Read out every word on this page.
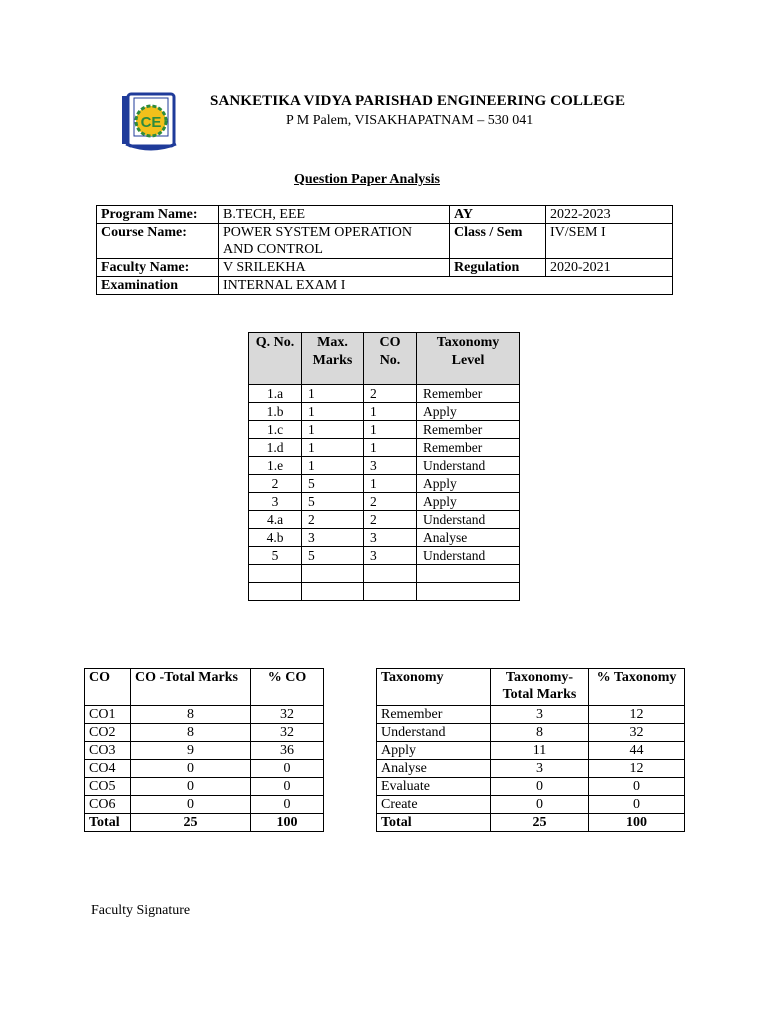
CE
SANKETIKA VIDYA PARISHAD ENGINEERING COLLEGE
P M Palem, VISAKHAPATNAM – 530 041
Question Paper Analysis
Program Name:	B.TECH, EEE	AY	2022-2023
Course Name:	POWER SYSTEM OPERATION AND CONTROL	Class / Sem	IV/SEM I
Faculty Name:	V SRILEKHA	Regulation	2020-2021
Examination	INTERNAL EXAM I		
Q. No.	Max. Marks	CO No.	Taxonomy Level
1.a	1	2	Remember
1.b	1	1	Apply
1.c	1	1	Remember
1.d	1	1	Remember
1.e	1	3	Understand
2	5	1	Apply
3	5	2	Apply
4.a	2	2	Understand
4.b	3	3	Analyse
5	5	3	Understand

CO	CO -Total Marks	% CO
CO1	8	32
CO2	8	32
CO3	9	36
CO4	0	0
CO5	0	0
CO6	0	0
Total	25	100
Taxonomy	Taxonomy- Total Marks	% Taxonomy
Remember	3	12
Understand	8	32
Apply	11	44
Analyse	3	12
Evaluate	0	0
Create	0	0
Total	25	100
Faculty Signature
